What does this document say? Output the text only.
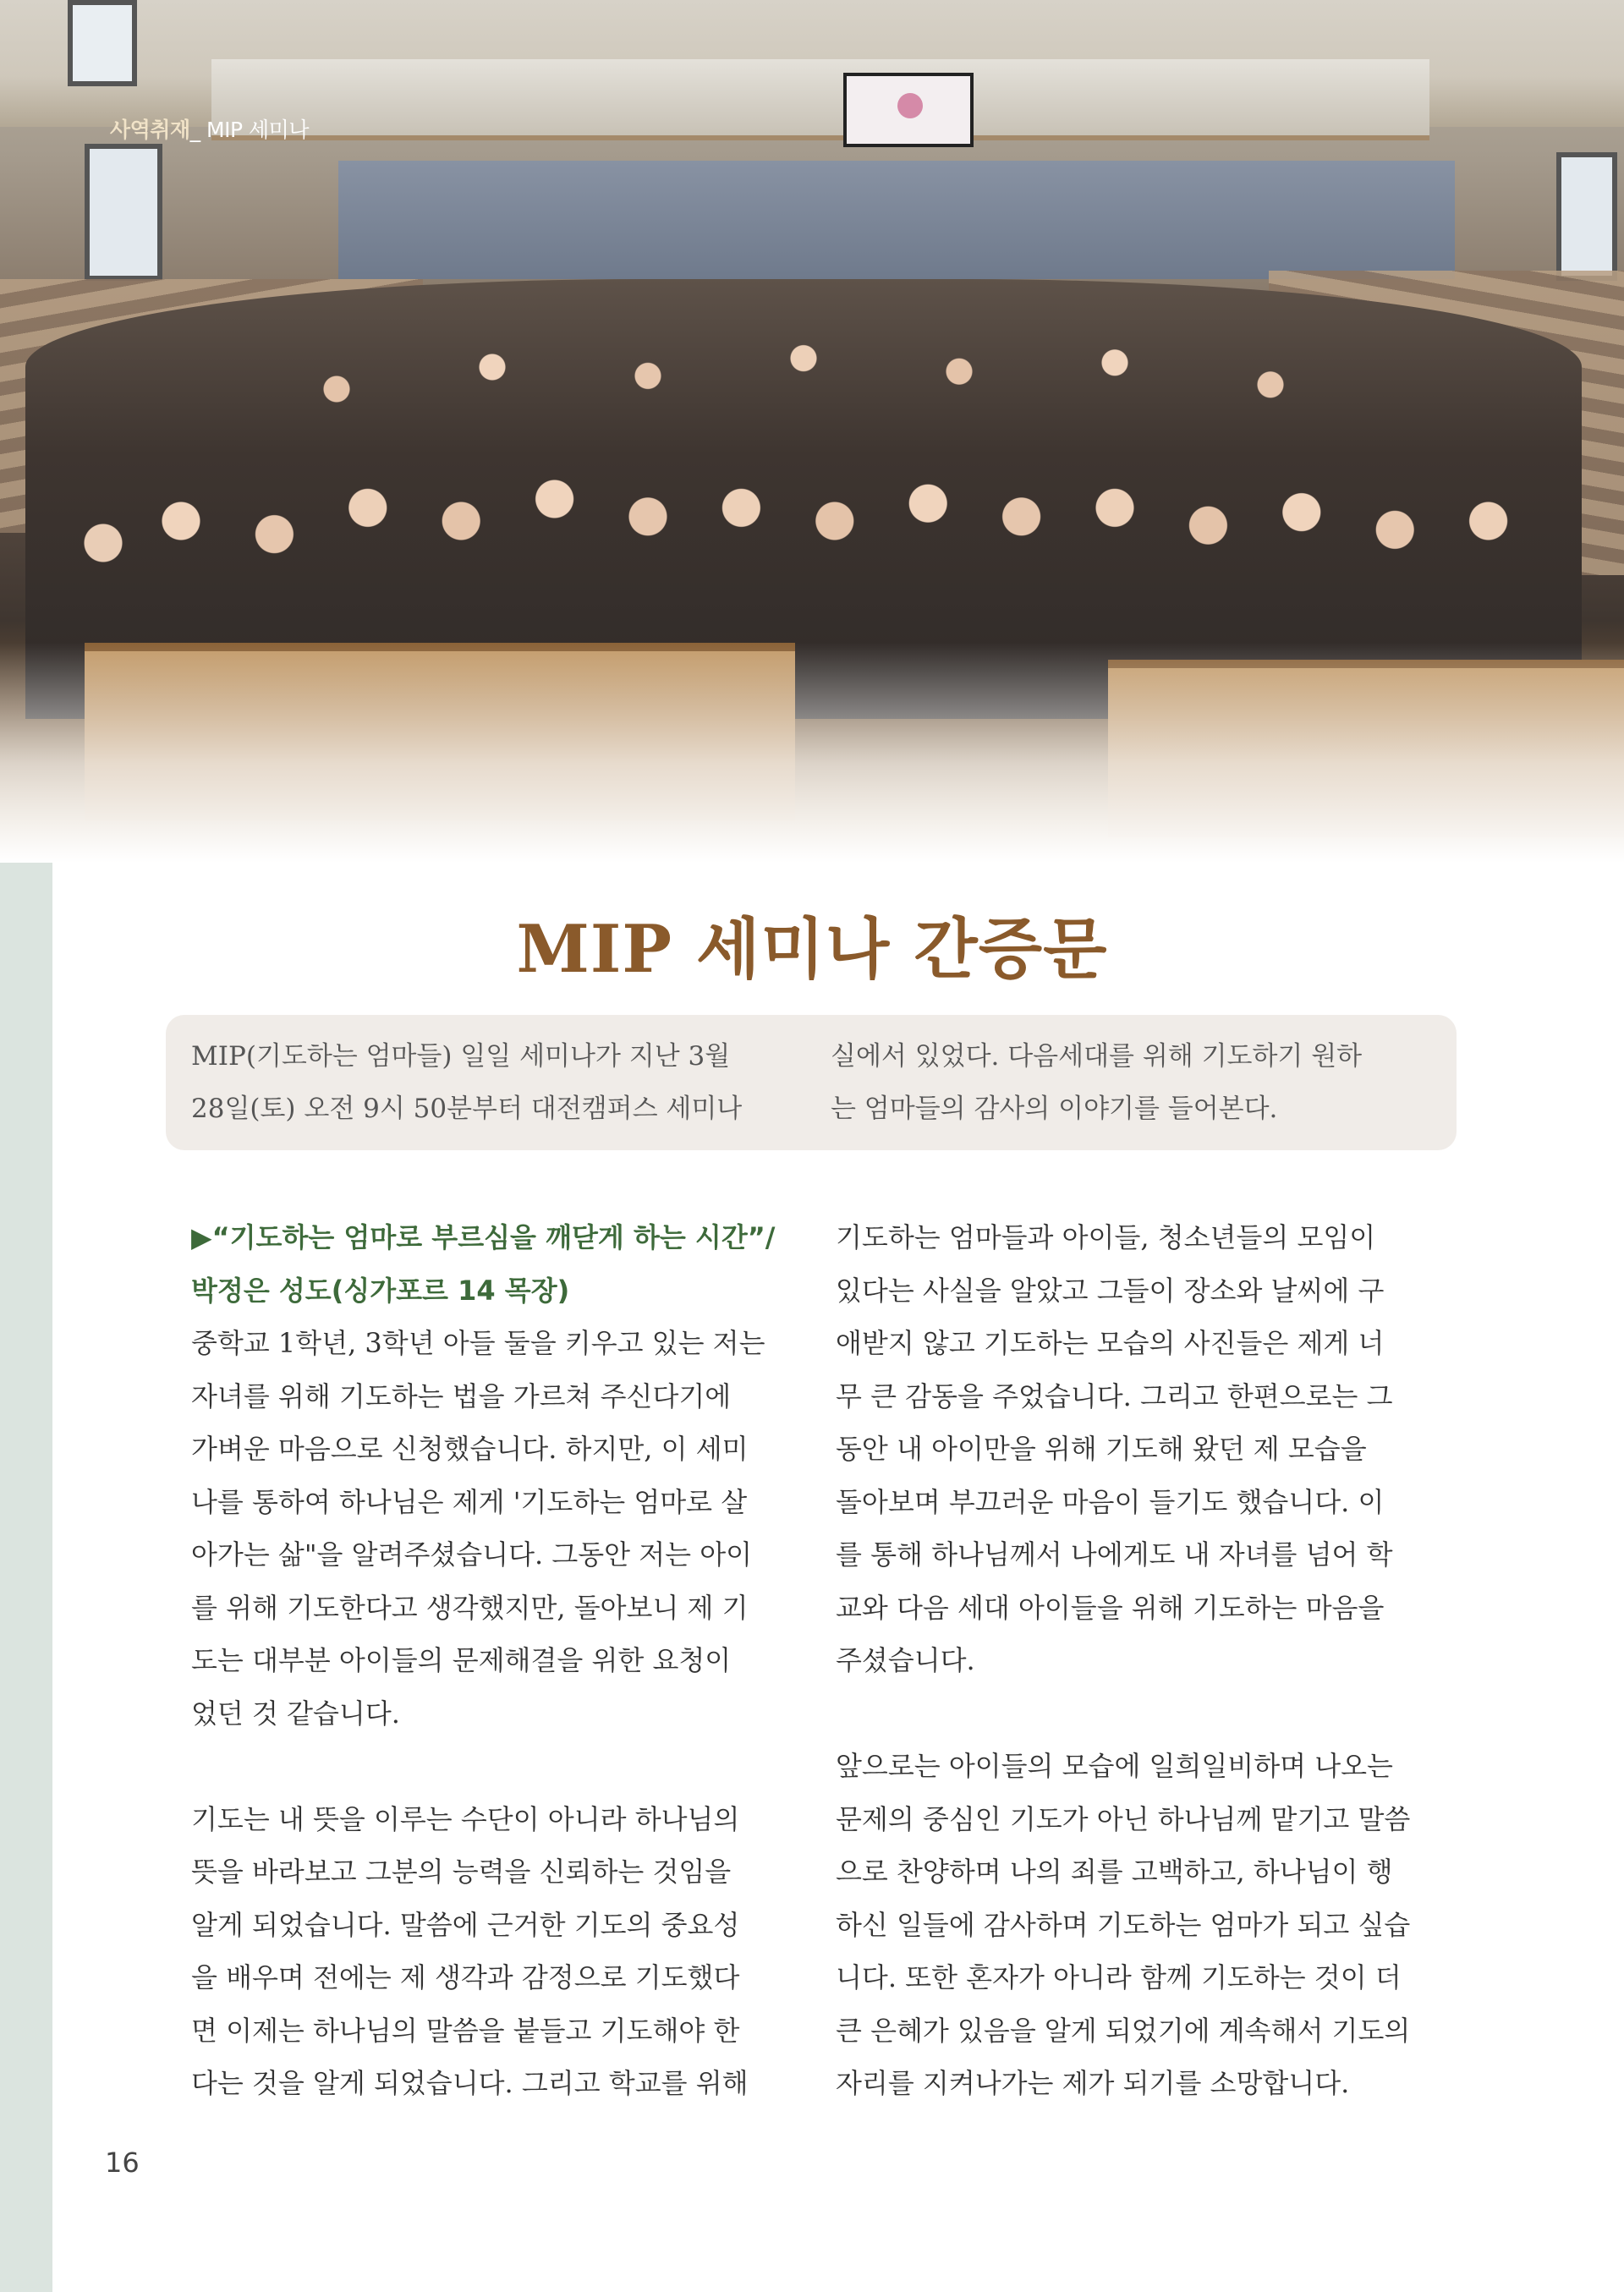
사역취재_ MIP 세미나
MIP 세미나 간증문
MIP(기도하는 엄마들) 일일 세미나가 지난 3월
28일(토) 오전 9시 50분부터 대전캠퍼스 세미나
실에서 있었다. 다음세대를 위해 기도하기 원하
는 엄마들의 감사의 이야기를 들어본다.
▶“기도하는 엄마로 부르심을 깨닫게 하는 시간”/
박정은 성도(싱가포르 14 목장)
중학교 1학년, 3학년 아들 둘을 키우고 있는 저는
자녀를 위해 기도하는 법을 가르쳐 주신다기에
가벼운 마음으로 신청했습니다. 하지만, 이 세미
나를 통하여 하나님은 제게 '기도하는 엄마로 살
아가는 삶"을 알려주셨습니다. 그동안 저는 아이
를 위해 기도한다고 생각했지만, 돌아보니 제 기
도는 대부분 아이들의 문제해결을 위한 요청이
었던 것 같습니다.
기도는 내 뜻을 이루는 수단이 아니라 하나님의
뜻을 바라보고 그분의 능력을 신뢰하는 것임을
알게 되었습니다. 말씀에 근거한 기도의 중요성
을 배우며 전에는 제 생각과 감정으로 기도했다
면 이제는 하나님의 말씀을 붙들고 기도해야 한
다는 것을 알게 되었습니다. 그리고 학교를 위해
기도하는 엄마들과 아이들, 청소년들의 모임이
있다는 사실을 알았고 그들이 장소와 날씨에 구
애받지 않고 기도하는 모습의 사진들은 제게 너
무 큰 감동을 주었습니다. 그리고 한편으로는 그
동안 내 아이만을 위해 기도해 왔던 제 모습을
돌아보며 부끄러운 마음이 들기도 했습니다. 이
를 통해 하나님께서 나에게도 내 자녀를 넘어 학
교와 다음 세대 아이들을 위해 기도하는 마음을
주셨습니다.
앞으로는 아이들의 모습에 일희일비하며 나오는
문제의 중심인 기도가 아닌 하나님께 맡기고 말씀
으로 찬양하며 나의 죄를 고백하고, 하나님이 행
하신 일들에 감사하며 기도하는 엄마가 되고 싶습
니다. 또한 혼자가 아니라 함께 기도하는 것이 더
큰 은혜가 있음을 알게 되었기에 계속해서 기도의
자리를 지켜나가는 제가 되기를 소망합니다.
16
